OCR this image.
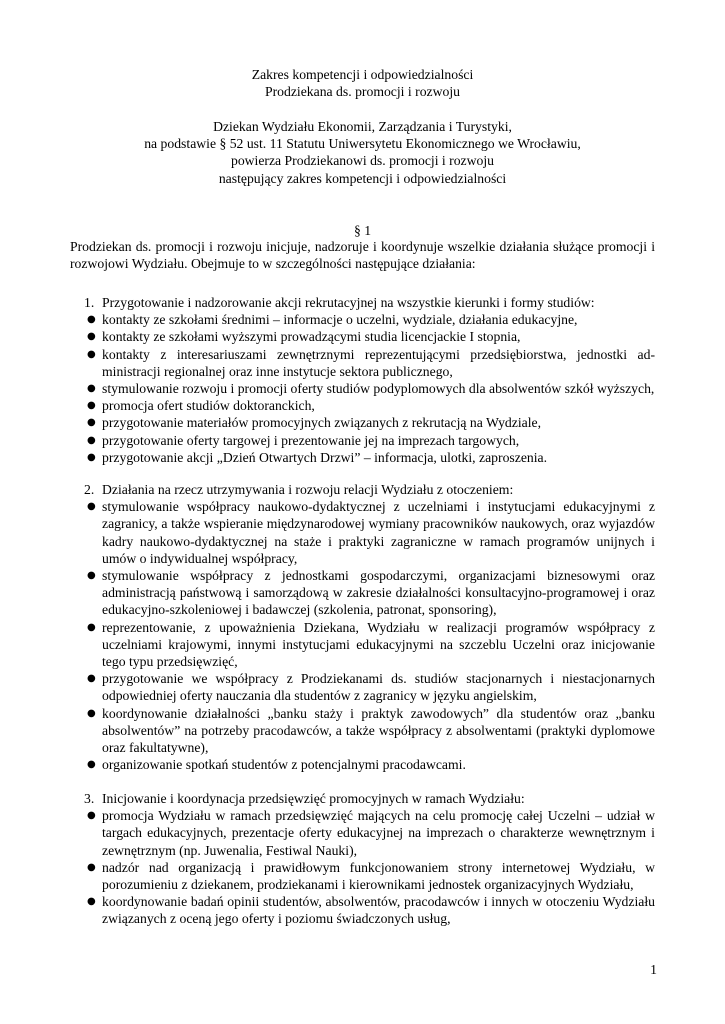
Zakres kompetencji i odpowiedzialności
Prodziekana ds. promocji i rozwoju
Dziekan Wydziału Ekonomii, Zarządzania i Turystyki,
na podstawie § 52 ust. 11 Statutu Uniwersytetu Ekonomicznego we Wrocławiu,
powierza Prodziekanowi ds. promocji i rozwoju
następujący zakres kompetencji i odpowiedzialności
§ 1
Prodziekan ds. promocji i rozwoju inicjuje, nadzoruje i koordynuje wszelkie działania służące promocji i rozwojowi Wydziału. Obejmuje to w szczególności następujące działania:
1. Przygotowanie i nadzorowanie akcji rekrutacyjnej na wszystkie kierunki i formy studiów:
● kontakty ze szkołami średnimi – informacje o uczelni, wydziale, działania edukacyjne,
● kontakty ze szkołami wyższymi prowadzącymi studia licencjackie I stopnia,
● kontakty z interesariuszami zewnętrznymi reprezentującymi przedsiębiorstwa, jednostki administracji regionalnej oraz inne instytucje sektora publicznego,
● stymulowanie rozwoju i promocji oferty studiów podyplomowych dla absolwentów szkół wyższych,
● promocja ofert studiów doktoranckich,
● przygotowanie materiałów promocyjnych związanych z rekrutacją na Wydziale,
● przygotowanie oferty targowej i prezentowanie jej na imprezach targowych,
● przygotowanie akcji „Dzień Otwartych Drzwi” – informacja, ulotki, zaproszenia.
2. Działania na rzecz utrzymywania i rozwoju relacji Wydziału z otoczeniem:
● stymulowanie współpracy naukowo-dydaktycznej z uczelniami i instytucjami edukacyjnymi z zagranicy, a także wspieranie międzynarodowej wymiany pracowników naukowych, oraz wyjazdów kadry naukowo-dydaktycznej na staże i praktyki zagraniczne w ramach programów unijnych i umów o indywidualnej współpracy,
● stymulowanie współpracy z jednostkami gospodarczymi, organizacjami biznesowymi oraz administracją państwową i samorządową w zakresie działalności konsultacyjno-programowej i oraz edukacyjno-szkoleniowej i badawczej (szkolenia, patronat, sponsoring),
● reprezentowanie, z upoważnienia Dziekana, Wydziału w realizacji programów współpracy z uczelniami krajowymi, innymi instytucjami edukacyjnymi na szczeblu Uczelni oraz inicjowanie tego typu przedsięwzięć,
● przygotowanie we współpracy z Prodziekanami ds. studiów stacjonarnych i niestacjonarnych odpowiedniej oferty nauczania dla studentów z zagranicy w języku angielskim,
● koordynowanie działalności „banku staży i praktyk zawodowych” dla studentów oraz „banku absolwentów” na potrzeby pracodawców, a także współpracy z absolwentami (praktyki dyplomowe oraz fakultatywne),
● organizowanie spotkań studentów z potencjalnymi pracodawcami.
3. Inicjowanie i koordynacja przedsięwzięć promocyjnych w ramach Wydziału:
● promocja Wydziału w ramach przedsięwzięć mających na celu promocję całej Uczelni – udział w targach edukacyjnych, prezentacje oferty edukacyjnej na imprezach o charakterze wewnętrznym i zewnętrznym (np. Juwenalia, Festiwal Nauki),
● nadzór nad organizacją i prawidłowym funkcjonowaniem strony internetowej Wydziału, w porozumieniu z dziekanem, prodziekanami i kierownikami jednostek organizacyjnych Wydziału,
● koordynowanie badań opinii studentów, absolwentów, pracodawców i innych w otoczeniu Wydziału związanych z oceną jego oferty i poziomu świadczonych usług,
1
